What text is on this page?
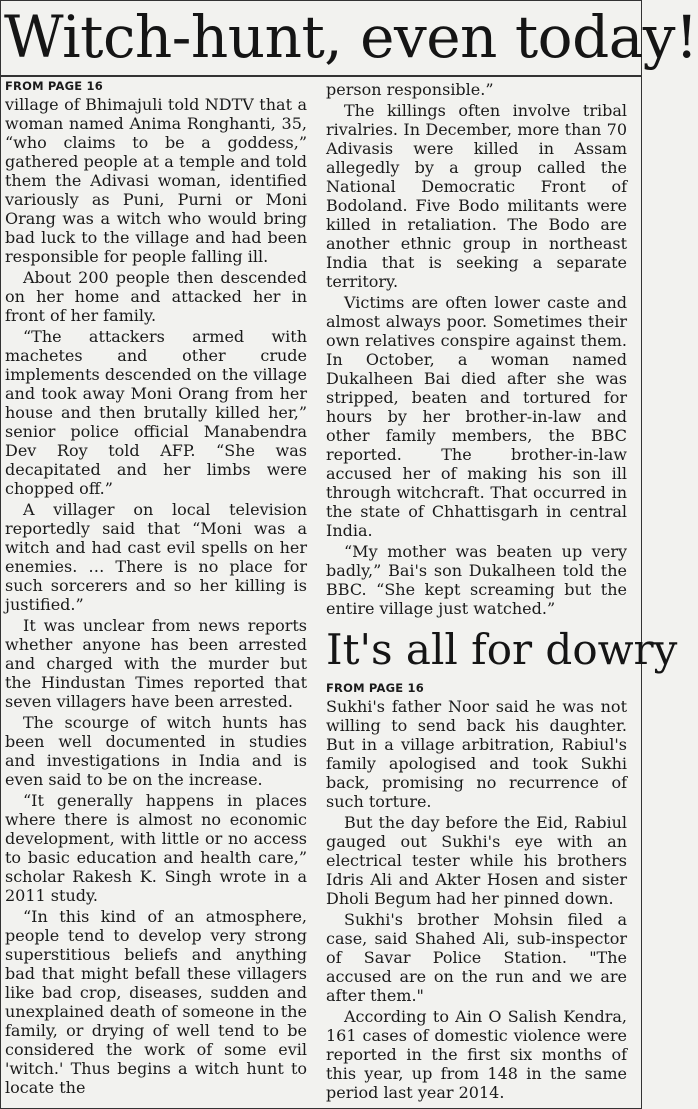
Witch-hunt, even today!
FROM PAGE 16

village of Bhimajuli told NDTV that a woman named Anima Ronghanti, 35, “who claims to be a goddess,” gathered people at a temple and told them the Adivasi woman, identified variously as Puni, Purni or Moni Orang was a witch who would bring bad luck to the village and had been responsible for people falling ill.

About 200 people then descended on her home and attacked her in front of her family.

“The attackers armed with machetes and other crude implements descended on the village and took away Moni Orang from her house and then brutally killed her,” senior police official Manabendra Dev Roy told AFP. “She was decapitated and her limbs were chopped off.”

A villager on local television reportedly said that “Moni was a witch and had cast evil spells on her enemies. … There is no place for such sorcerers and so her killing is justified.”

It was unclear from news reports whether anyone has been arrested and charged with the murder but the Hindustan Times reported that seven villagers have been arrested.

The scourge of witch hunts has been well documented in studies and investigations in India and is even said to be on the increase.

“It generally happens in places where there is almost no economic development, with little or no access to basic education and health care,” scholar Rakesh K. Singh wrote in a 2011 study.

“In this kind of an atmosphere, people tend to develop very strong superstitious beliefs and anything bad that might befall these villagers like bad crop, diseases, sudden and unexplained death of someone in the family, or drying of well tend to be considered the work of some evil 'witch.' Thus begins a witch hunt to locate the

person responsible.”

The killings often involve tribal rivalries. In December, more than 70 Adivasis were killed in Assam allegedly by a group called the National Democratic Front of Bodoland. Five Bodo militants were killed in retaliation. The Bodo are another ethnic group in northeast India that is seeking a separate territory.

Victims are often lower caste and almost always poor. Sometimes their own relatives conspire against them. In October, a woman named Dukalheen Bai died after she was stripped, beaten and tortured for hours by her brother-in-law and other family members, the BBC reported. The brother-in-law accused her of making his son ill through witchcraft. That occurred in the state of Chhattisgarh in central India.

“My mother was beaten up very badly,” Bai's son Dukalheen told the BBC. “She kept screaming but the entire village just watched.”

It's all for dowry
FROM PAGE 16

Sukhi's father Noor said he was not willing to send back his daughter. But in a village arbitration, Rabiul's family apologised and took Sukhi back, promising no recurrence of such torture.

But the day before the Eid, Rabiul gauged out Sukhi's eye with an electrical tester while his brothers Idris Ali and Akter Hosen and sister Dholi Begum had her pinned down.

Sukhi's brother Mohsin filed a case, said Shahed Ali, sub-inspector of Savar Police Station. "The accused are on the run and we are after them."

According to Ain O Salish Kendra, 161 cases of domestic violence were reported in the first six months of this year, up from 148 in the same period last year 2014.
